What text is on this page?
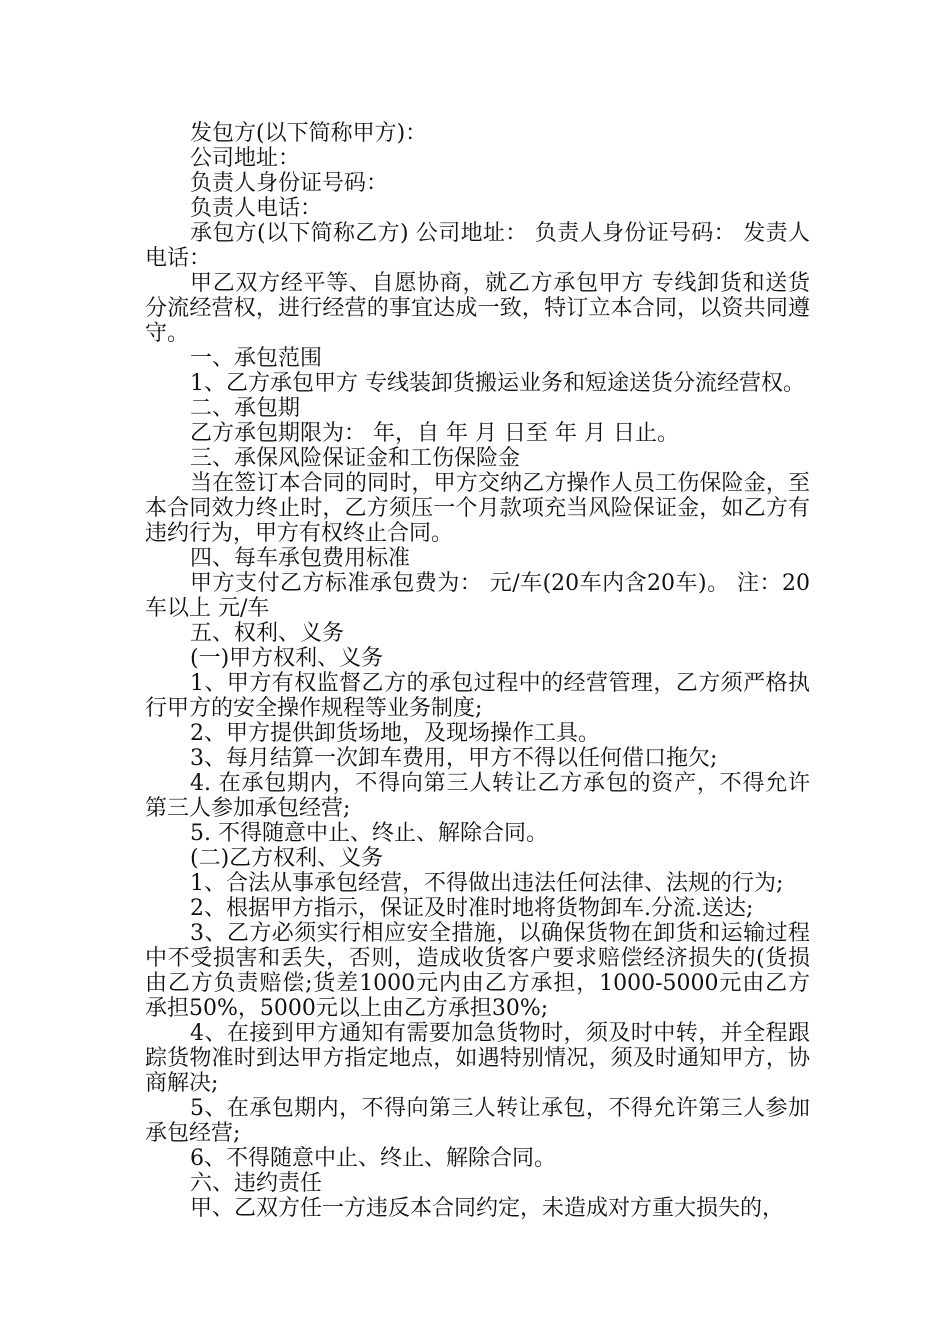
发包方(以下简称甲方)：

公司地址：

负责人身份证号码：

负责人电话：

承包方(以下简称乙方) 公司地址： 负责人身份证号码： 发责人电话：

甲乙双方经平等、自愿协商，就乙方承包甲方 专线卸货和送货分流经营权，进行经营的事宜达成一致，特订立本合同，以资共同遵守。

一、承包范围

1、乙方承包甲方 专线装卸货搬运业务和短途送货分流经营权。

二、承包期

乙方承包期限为： 年，自 年 月 日至 年 月 日止。

三、承保风险保证金和工伤保险金

当在签订本合同的同时，甲方交纳乙方操作人员工伤保险金，至本合同效力终止时，乙方须压一个月款项充当风险保证金，如乙方有违约行为，甲方有权终止合同。

四、每车承包费用标准

甲方支付乙方标准承包费为： 元/车(20车内含20车)。 注：20车以上 元/车

五、权利、义务

(一)甲方权利、义务

1、甲方有权监督乙方的承包过程中的经营管理，乙方须严格执行甲方的安全操作规程等业务制度;

2、甲方提供卸货场地，及现场操作工具。

3、每月结算一次卸车费用，甲方不得以任何借口拖欠;

4. 在承包期内，不得向第三人转让乙方承包的资产，不得允许第三人参加承包经营;

5. 不得随意中止、终止、解除合同。

(二)乙方权利、义务

1、合法从事承包经营，不得做出违法任何法律、法规的行为;

2、根据甲方指示，保证及时准时地将货物卸车.分流.送达;

3、乙方必须实行相应安全措施，以确保货物在卸货和运输过程中不受损害和丢失，否则，造成收货客户要求赔偿经济损失的(货损由乙方负责赔偿;货差1000元内由乙方承担，1000-5000元由乙方承担50%，5000元以上由乙方承担30%;

4、在接到甲方通知有需要加急货物时，须及时中转，并全程跟踪货物准时到达甲方指定地点，如遇特别情况，须及时通知甲方，协商解决;

5、在承包期内，不得向第三人转让承包，不得允许第三人参加承包经营;

6、不得随意中止、终止、解除合同。

六、违约责任

甲、乙双方任一方违反本合同约定，未造成对方重大损失的，
